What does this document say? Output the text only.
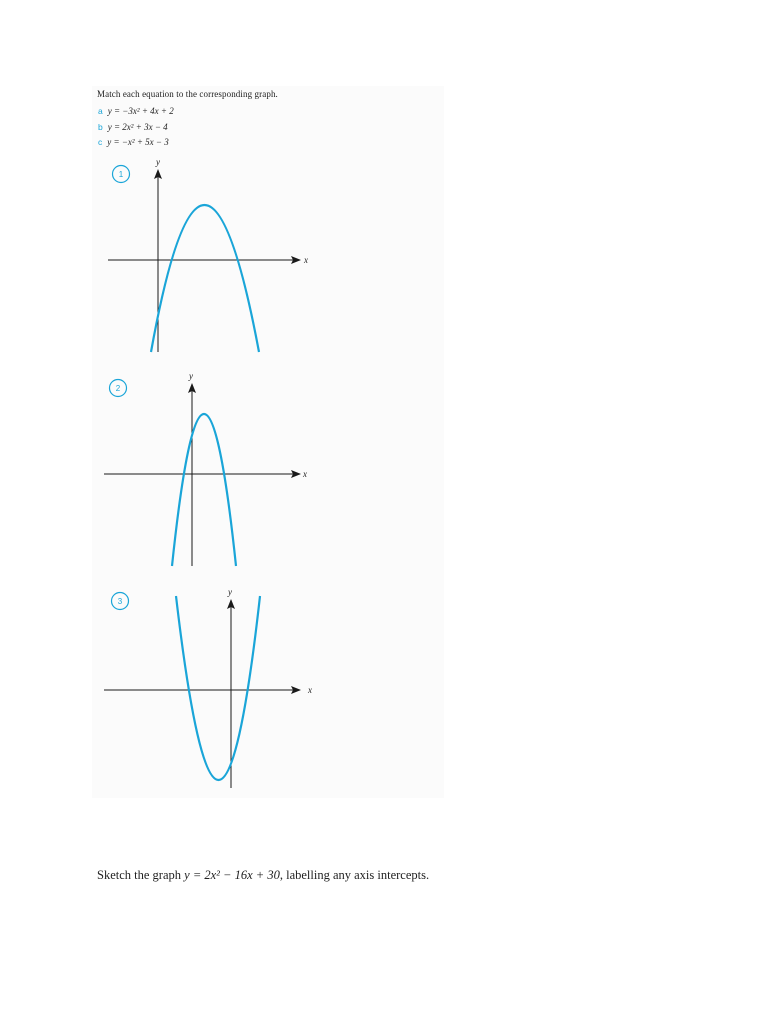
Match each equation to the corresponding graph.
a y = −3x² + 4x + 2
b y = 2x² + 3x − 4
c y = −x² + 5x − 3
1
x
y
2
x
y
3
x
y
Sketch the graph y = 2x² − 16x + 30, labelling any axis intercepts.
